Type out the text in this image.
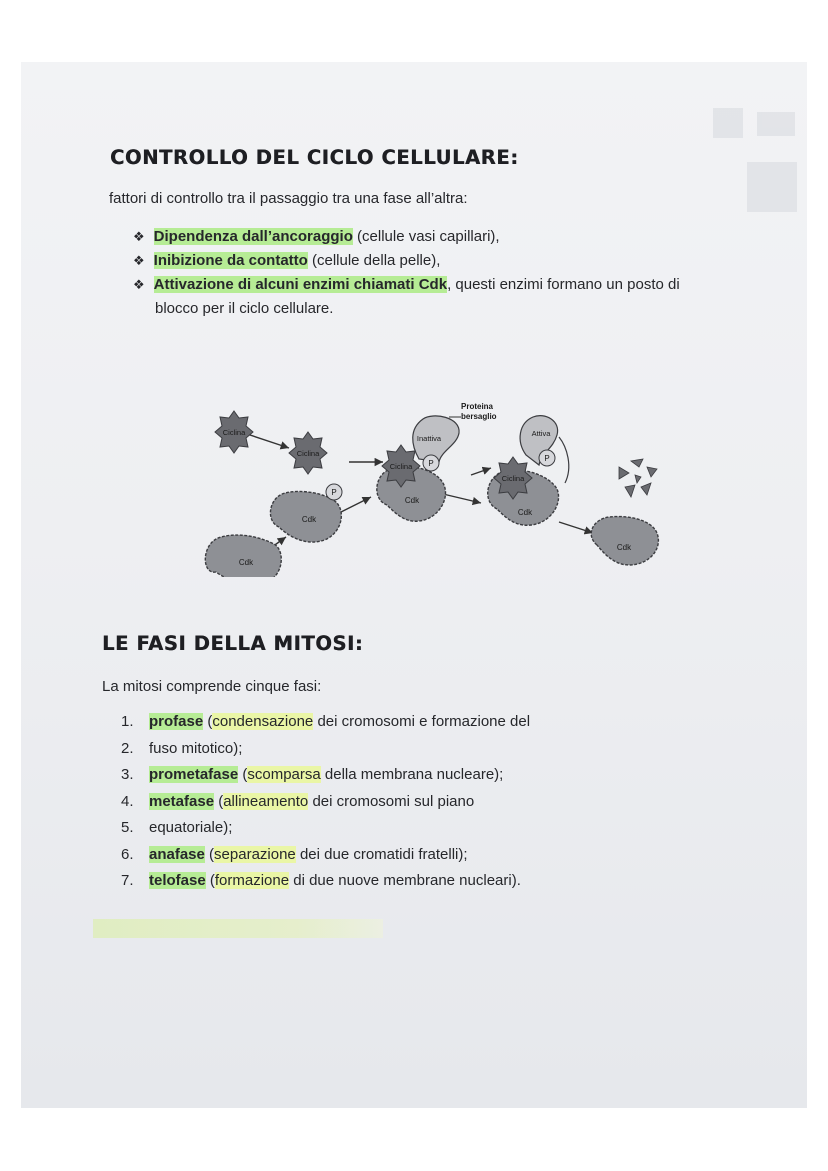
CONTROLLO DEL CICLO CELLULARE:
fattori di controllo tra il passaggio tra una fase all’altra:
❖ Dipendenza dall’ancoraggio (cellule vasi capillari),
❖ Inibizione da contatto (cellule della pelle),
❖ Attivazione di alcuni enzimi chiamati Cdk, questi enzimi formano un posto di
blocco per il ciclo cellulare.
Ciclina
Ciclina
Cdk
Cdk
P
Inattiva
Cdk
Ciclina P
Proteina
bersaglio
Attiva
Cdk
Ciclina
P
Cdk
LE FASI DELLA MITOSI:
La mitosi comprende cinque fasi:
1. profase (condensazione dei cromosomi e formazione del
2. fuso mitotico);
3. prometafase (scomparsa della membrana nucleare);
4. metafase (allineamento dei cromosomi sul piano
5. equatoriale);
6. anafase (separazione dei due cromatidi fratelli);
7. telofase (formazione di due nuove membrane nucleari).
